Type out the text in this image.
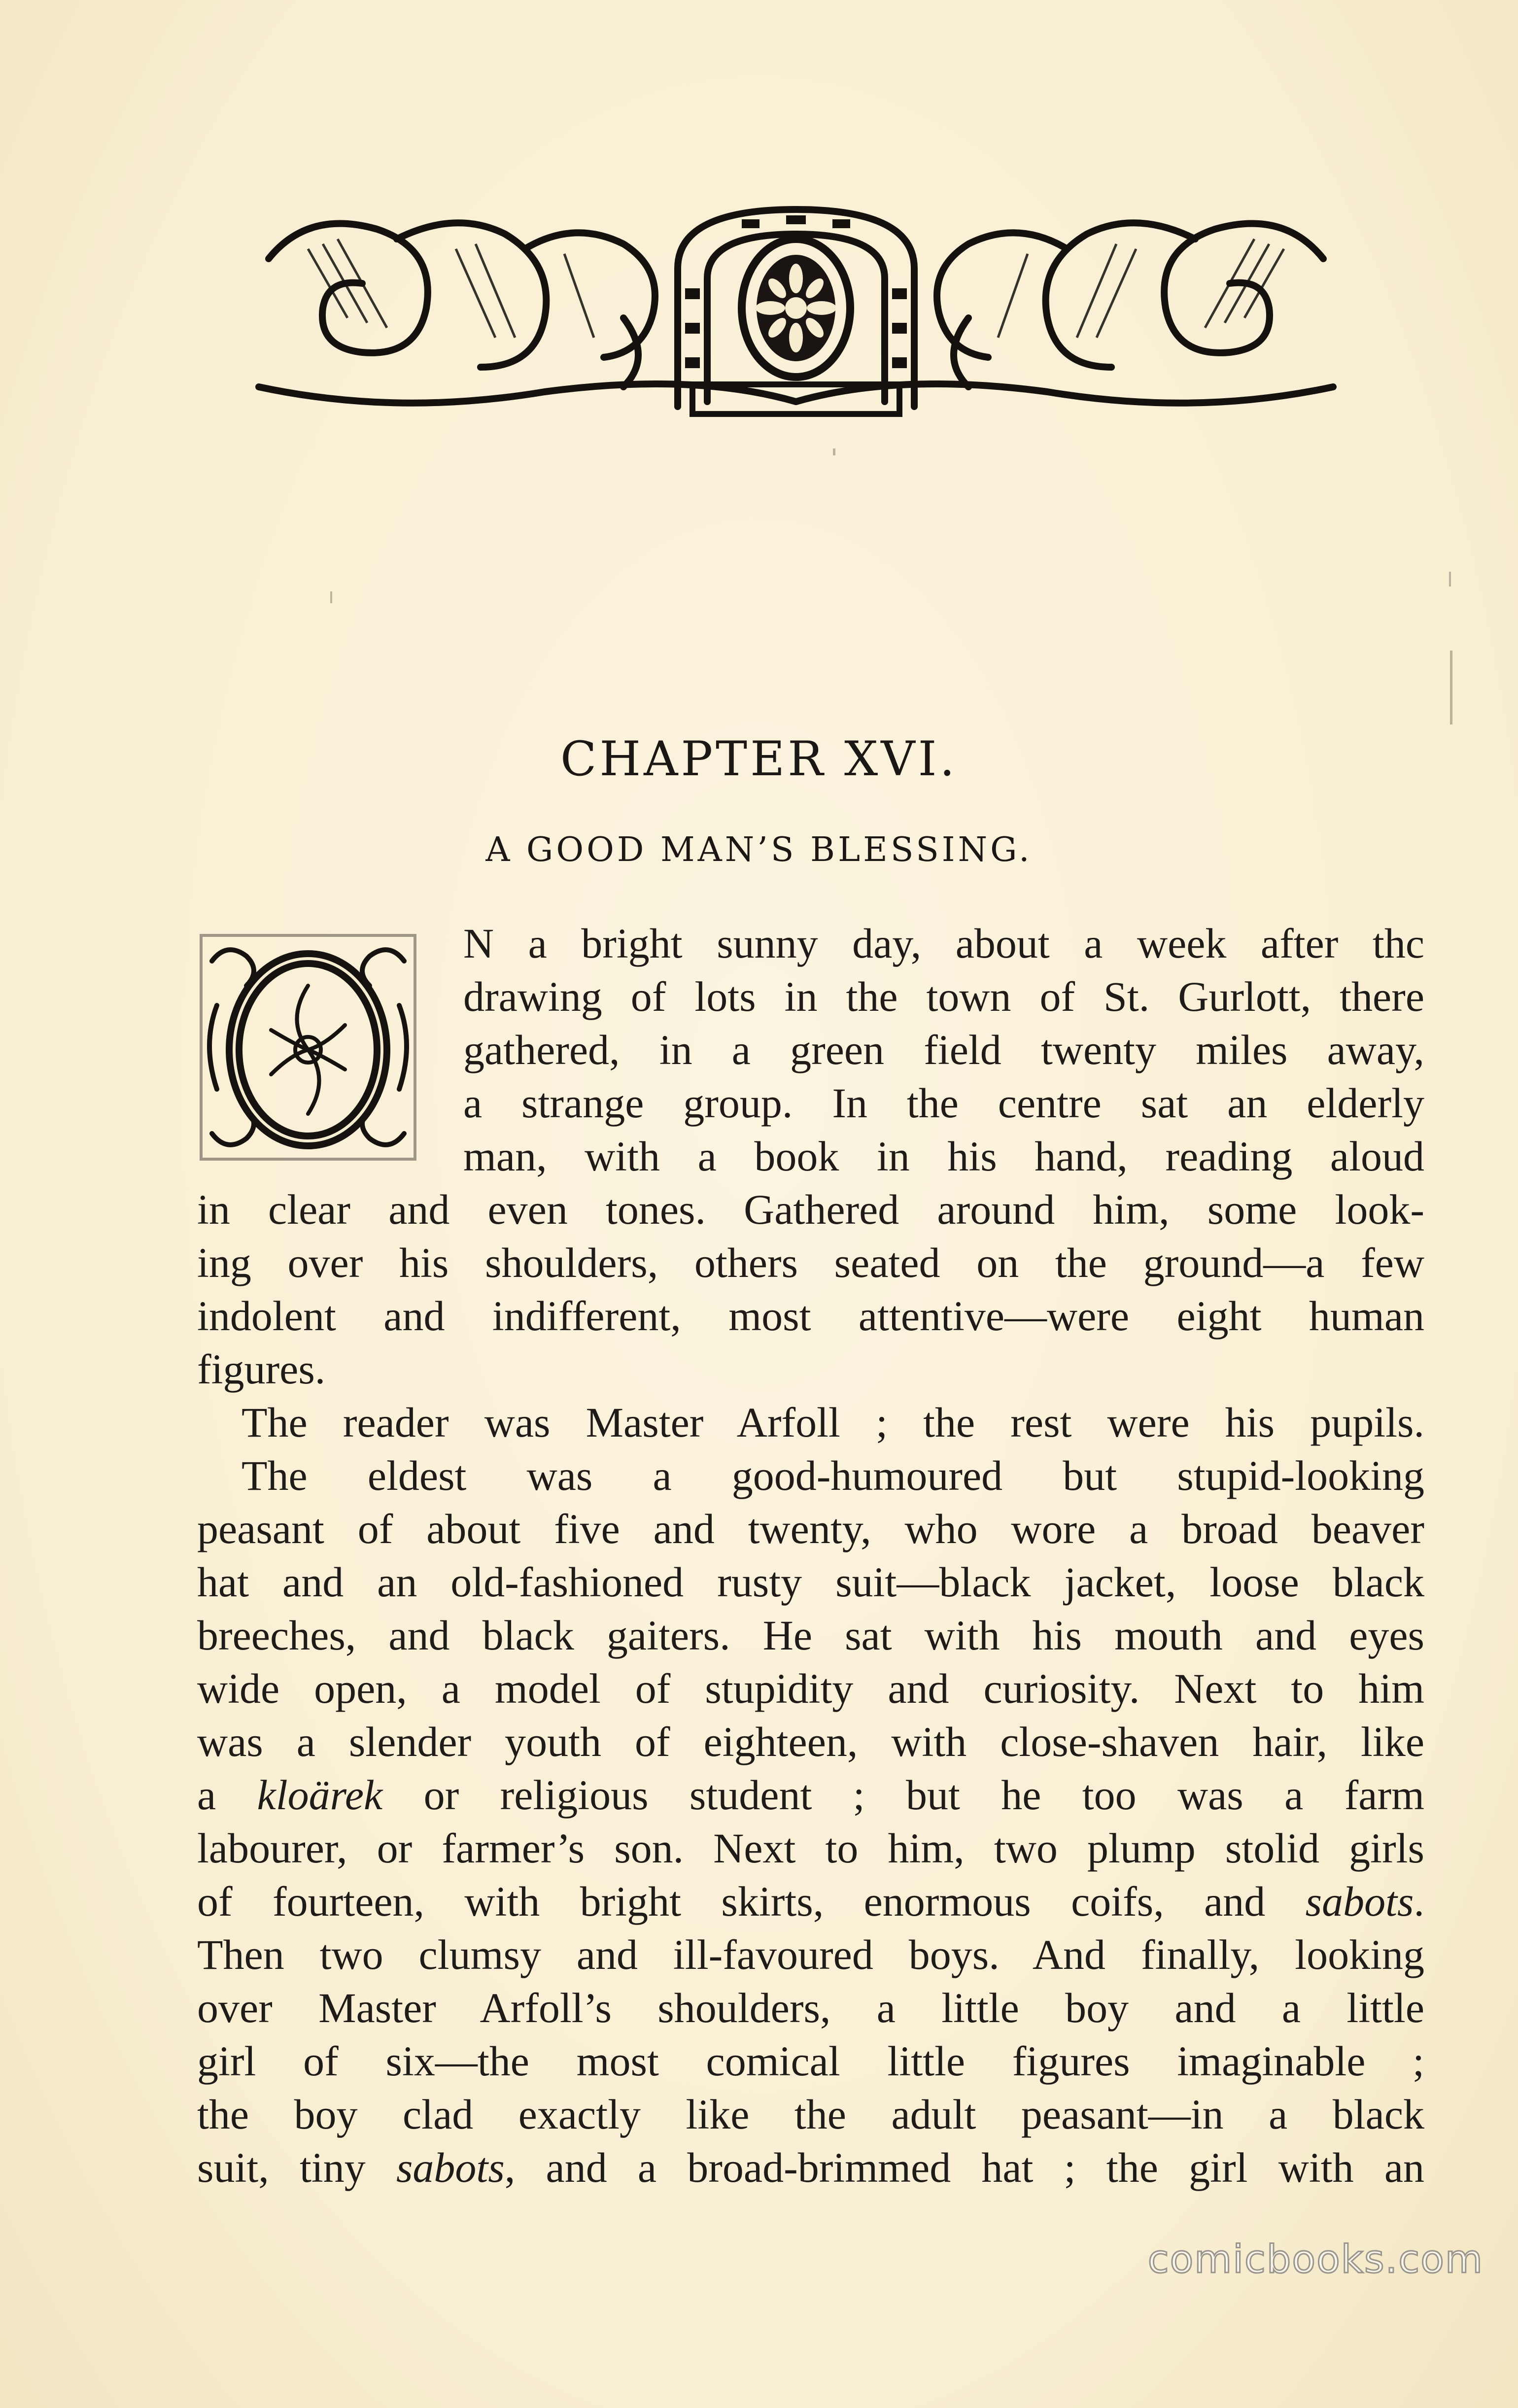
CHAPTER XVI.
A GOOD MAN’S BLESSING.
N a bright sunny day, about a week after thc
drawing of lots in the town of St. Gurlott, there
gathered, in a green field twenty miles away,
a strange group. In the centre sat an elderly
man, with a book in his hand, reading aloud
in clear and even tones. Gathered around him, some look-
ing over his shoulders, others seated on the ground—a few
indolent and indifferent, most attentive—were eight human
figures.
The reader was Master Arfoll ; the rest were his pupils.
The eldest was a good-humoured but stupid-looking
peasant of about five and twenty, who wore a broad beaver
hat and an old-fashioned rusty suit—black jacket, loose black
breeches, and black gaiters. He sat with his mouth and eyes
wide open, a model of stupidity and curiosity. Next to him
was a slender youth of eighteen, with close-shaven hair, like
a kloärek or religious student ; but he too was a farm
labourer, or farmer’s son. Next to him, two plump stolid girls
of fourteen, with bright skirts, enormous coifs, and sabots.
Then two clumsy and ill-favoured boys. And finally, looking
over Master Arfoll’s shoulders, a little boy and a little
girl of six—the most comical little figures imaginable ;
the boy clad exactly like the adult peasant—in a black
suit, tiny sabots, and a broad-brimmed hat ; the girl with an
comicbooks.com
